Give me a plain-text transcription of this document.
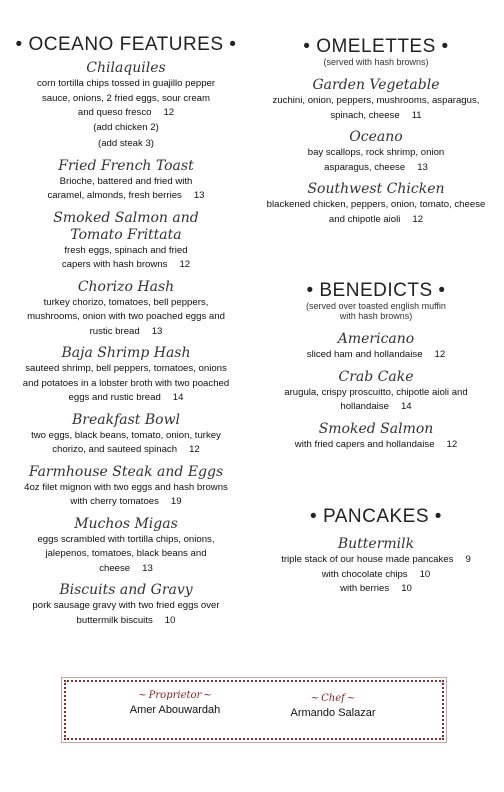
• OCEANO FEATURES •
Chilaquiles
corn tortilla chips tossed in guajillo pepper sauce, onions, 2 fried eggs, sour cream and queso fresco 12
(add chicken 2)
(add steak 3)
Fried French Toast
Brioche, battered and fried with caramel, almonds, fresh berries 13
Smoked Salmon and Tomato Frittata
fresh eggs, spinach and fried capers with hash browns 12
Chorizo Hash
turkey chorizo, tomatoes, bell peppers, mushrooms, onion with two poached eggs and rustic bread 13
Baja Shrimp Hash
sauteed shrimp, bell peppers, tomatoes, onions and potatoes in a lobster broth with two poached eggs and rustic bread 14
Breakfast Bowl
two eggs, black beans, tomato, onion, turkey chorizo, and sauteed spinach 12
Farmhouse Steak and Eggs
4oz filet mignon with two eggs and hash browns with cherry tomatoes 19
Muchos Migas
eggs scrambled with tortilla chips, onions, jalepenos, tomatoes, black beans and cheese 13
Biscuits and Gravy
pork sausage gravy with two fried eggs over buttermilk biscuits 10
• OMELETTES •
(served with hash browns)
Garden Vegetable
zuchini, onion, peppers, mushrooms, asparagus, spinach, cheese 11
Oceano
bay scallops, rock shrimp, onion asparagus, cheese 13
Southwest Chicken
blackened chicken, peppers, onion, tomato, cheese and chipotle aioli 12
• BENEDICTS •
(served over toasted english muffin with hash browns)
Americano
sliced ham and hollandaise 12
Crab Cake
arugula, crispy proscuitto, chipotle aioli and hollandaise 14
Smoked Salmon
with fried capers and hollandaise 12
• PANCAKES •
Buttermilk
triple stack of our house made pancakes 9
with chocolate chips 10
with berries 10
~ Proprietor ~
Amer Abouwardah
~ Chef ~
Armando Salazar
